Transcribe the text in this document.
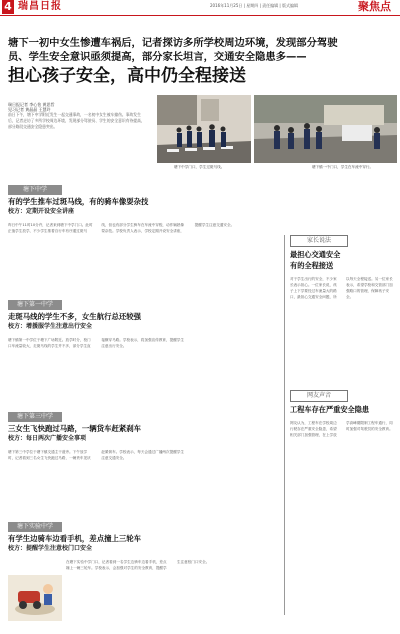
4 瑞昌日报	2016年11月25日 | 星期四 | 责任编辑 | 版式编辑	聚焦点
塘下一初中女生惨遭车祸后，记者探访多所学校周边环境，发现部分驾驶
员、学生安全意识亟须提高，部分家长坦言，交通安全隐患多——
担心孩子安全，高中仍全程接送
瑞日报记者 李心怡 黄思哲
见习记者 黄晶晶 王慧玲
前日下午，塘下中学附近发生一起交通事故，一名初中女生被车撞伤。事故发生后，记者走访了多所学校周边环境，发现部分驾驶员、学生的安全意识有待提高，部分路段交通安全隐患突出。
塘下中学门口，学生过斑马线。	塘下镇一中门口，学生在车流中穿行。
塘下中学
有的学生推车过斑马线，有的骑车像耍杂技
校方：定期开设安全讲座
昨日中午11时10分许，记者来到塘下中学门口。此时正值学生放学，不少学生推着自行车有序通过斑马线，但也有部分学生骑车在车流中穿梭，动作娴熟像耍杂技。学校负责人表示，学校定期开设安全讲座，提醒学生注意交通安全。
塘下第一中学
走斑马线的学生不多，女生航行总还较强
校方：增援服学生注意出行安全
塘下镇第一中学位于塘下广场附近。放学时分，校门口车流量较大，走斑马线的学生并不多，部分学生直接横穿马路。学校表示，将加强宣传教育，提醒学生注意出行安全。
塘下第三中学
三女生飞快跑过马路，一辆货车赶紧刹车
校方：每日两次广播安全事项
塘下第三中学位于塘下镇交通主干道旁。下午放学时，记者看到三名女生飞快跑过马路，一辆货车见状赶紧刹车。学校表示，每天会通过广播两次提醒学生注意交通安全。
塘下实验中学
有学生边骑车边看手机，差点撞上三轮车
校方：提醒学生注意校门口安全
在塘下实验中学门口，记者看到一名学生边骑车边看手机，差点撞上一辆三轮车。学校表示，会加强对学生的安全教育，提醒学生注意校门口安全。
家长说法
最担心交通安全
有的全程接送
对于学生出行的安全，不少家长表示担心。一位家长说，孩子上下学要经过车流量大的路口，最担心交通安全问题，所以每天全程接送。另一位家长表示，希望学校和交管部门加强路口的管理，保障孩子安全。
网友声音
工程车存在严重安全隐患
网友认为，工程车在学校周边行驶存在严重安全隐患，希望相关部门加强管理，在上学放学高峰期限制工程车通行，同时加强对驾驶员的安全教育。
